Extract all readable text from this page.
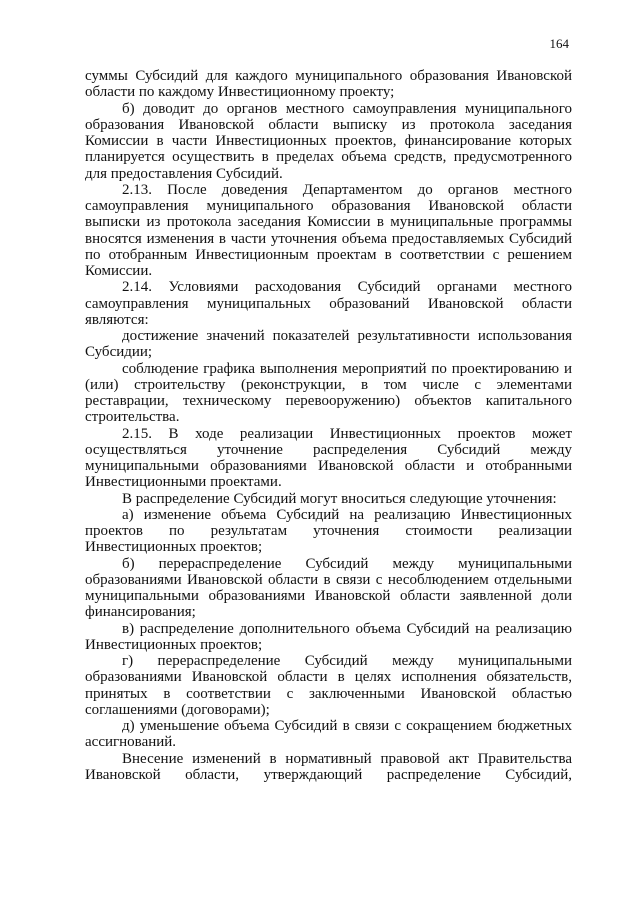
164

суммы Субсидий для каждого муниципального образования Ивановской области по каждому Инвестиционному проекту;

б) доводит до органов местного самоуправления муниципального образования Ивановской области выписку из протокола заседания Комиссии в части Инвестиционных проектов, финансирование которых планируется осуществить в пределах объема средств, предусмотренного для предоставления Субсидий.

2.13. После доведения Департаментом до органов местного самоуправления муниципального образования Ивановской области выписки из протокола заседания Комиссии в муниципальные программы вносятся изменения в части уточнения объема предоставляемых Субсидий по отобранным Инвестиционным проектам в соответствии с решением Комиссии.

2.14. Условиями расходования Субсидий органами местного самоуправления муниципальных образований Ивановской области являются:

достижение значений показателей результативности использования Субсидии;

соблюдение графика выполнения мероприятий по проектированию и (или) строительству (реконструкции, в том числе с элементами реставрации, техническому перевооружению) объектов капитального строительства.

2.15. В ходе реализации Инвестиционных проектов может осуществляться уточнение распределения Субсидий между муниципальными образованиями Ивановской области и отобранными Инвестиционными проектами.

В распределение Субсидий могут вноситься следующие уточнения:

а) изменение объема Субсидий на реализацию Инвестиционных проектов по результатам уточнения стоимости реализации Инвестиционных проектов;

б) перераспределение Субсидий между муниципальными образованиями Ивановской области в связи с несоблюдением отдельными муниципальными образованиями Ивановской области заявленной доли финансирования;

в) распределение дополнительного объема Субсидий на реализацию Инвестиционных проектов;

г) перераспределение Субсидий между муниципальными образованиями Ивановской области в целях исполнения обязательств, принятых в соответствии с заключенными Ивановской областью соглашениями (договорами);

д) уменьшение объема Субсидий в связи с сокращением бюджетных ассигнований.

Внесение изменений в нормативный правовой акт Правительства Ивановской области, утверждающий распределение Субсидий,
